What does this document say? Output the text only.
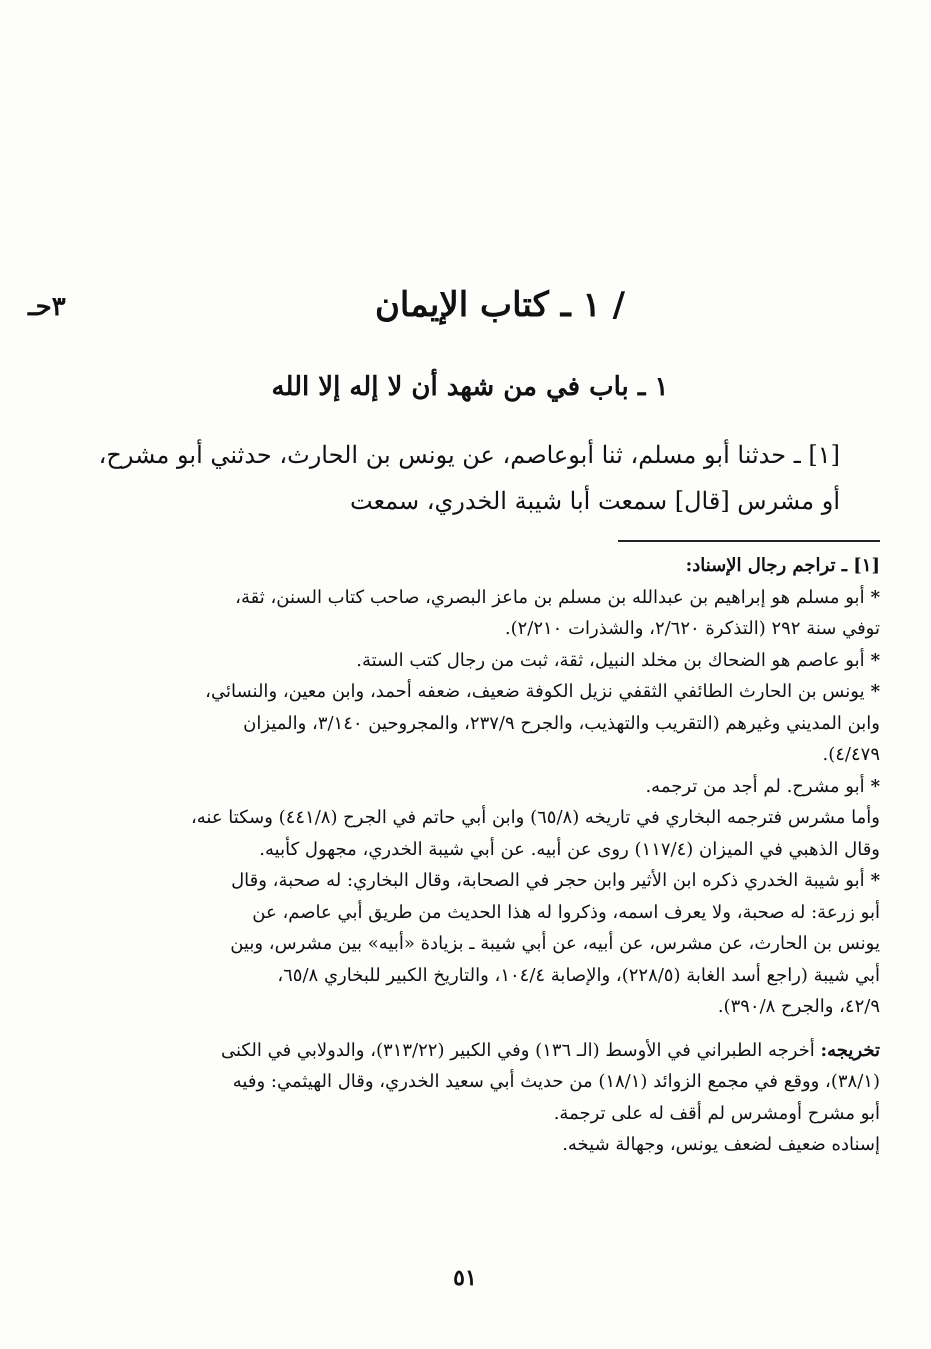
٣حـ	/ ١ ـ كتاب الإيمان
١ ـ باب في من شهد أن لا إله إلا الله
[١] ـ حدثنا أبو مسلم، ثنا أبوعاصم، عن يونس بن الحارث، حدثني أبو مشرح،
أو مشرس [قال] سمعت أبا شيبة الخدري، سمعت

[١] ـ تراجم رجال الإسناد:

*أبو مسلم هو إبراهيم بن عبدالله بن مسلم بن ماعز البصري، صاحب كتاب السنن، ثقة،

توفي سنة ٢٩٢ (التذكرة ٢/٦٢٠، والشذرات ٢/٢١٠).

*أبو عاصم هو الضحاك بن مخلد النبيل، ثقة، ثبت من رجال كتب الستة.

*يونس بن الحارث الطائفي الثقفي نزيل الكوفة ضعيف، ضعفه أحمد، وابن معين، والنسائي،

وابن المديني وغيرهم (التقريب والتهذيب، والجرح ٢٣٧/٩، والمجروحين ٣/١٤٠، والميزان

٤/٤٧٩).

*أبو مشرح. لم أجد من ترجمه.

وأما مشرس فترجمه البخاري في تاريخه (٦٥/٨) وابن أبي حاتم في الجرح (٤٤١/٨) وسكتا عنه،

وقال الذهبي في الميزان (١١٧/٤) روى عن أبيه. عن أبي شيبة الخدري، مجهول كأبيه.

*أبو شيبة الخدري ذكره ابن الأثير وابن حجر في الصحابة، وقال البخاري: له صحبة، وقال

أبو زرعة: له صحبة، ولا يعرف اسمه، وذكروا له هذا الحديث من طريق أبي عاصم، عن

يونس بن الحارث، عن مشرس، عن أبيه، عن أبي شيبة ـ بزيادة «أبيه» بين مشرس، وبين

أبي شيبة (راجع أسد الغابة (٢٢٨/٥)، والإصابة ١٠٤/٤، والتاريخ الكبير للبخاري ٦٥/٨،

٤٢/٩، والجرح ٣٩٠/٨).

تخريجه: أخرجه الطبراني في الأوسط (الـ ١٣٦) وفي الكبير (٣١٣/٢٢)، والدولابي في الكنى

(٣٨/١)، ووقع في مجمع الزوائد (١٨/١) من حديث أبي سعيد الخدري، وقال الهيثمي: وفيه

أبو مشرح أومشرس لم أقف له على ترجمة.

إسناده ضعيف لضعف يونس، وجهالة شيخه.

٥١
